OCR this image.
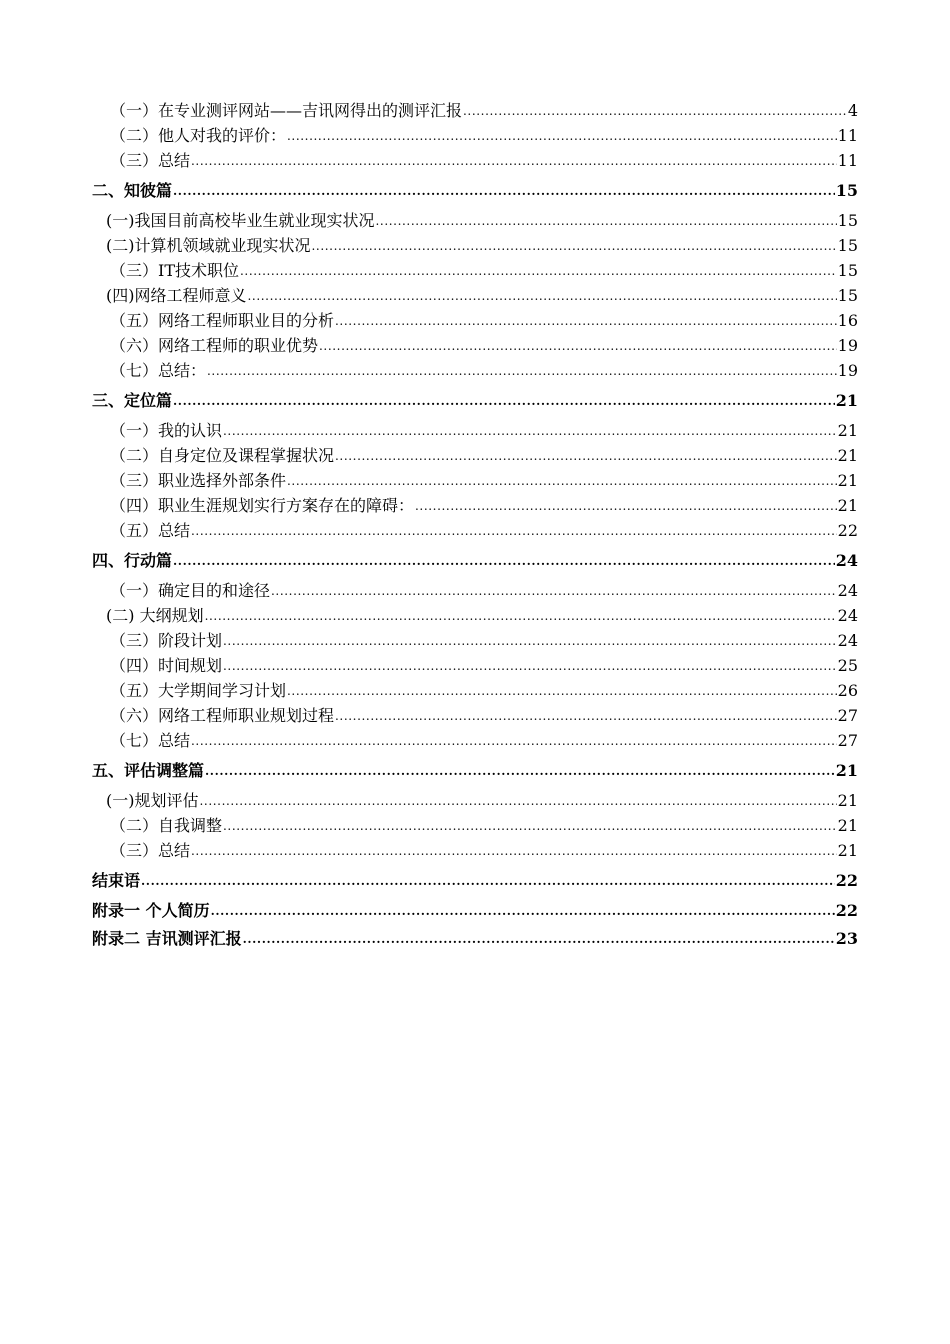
（一）在专业测评网站——吉讯网得出的测评汇报 .....	4
（二）他人对我的评价： .....	11
（三）总结 .....	11
二、知彼篇 .....	15
(一)我国目前高校毕业生就业现实状况 .....	15
(二)计算机领域就业现实状况 .....	15
（三）IT技术职位 .....	15
(四)网络工程师意义 .....	15
（五）网络工程师职业目的分析 .....	16
（六）网络工程师的职业优势 .....	19
（七）总结： .....	19
三、定位篇 .....	21
（一）我的认识 .....	21
（二）自身定位及课程掌握状况 .....	21
（三）职业选择外部条件 .....	21
（四）职业生涯规划实行方案存在的障碍： .....	21
（五）总结 .....	22
四、行动篇 .....	24
（一）确定目的和途径 .....	24
(二) 大纲规划 .....	24
（三）阶段计划 .....	24
（四）时间规划 .....	25
（五）大学期间学习计划 .....	26
（六）网络工程师职业规划过程 .....	27
（七）总结 .....	27
五、评估调整篇 .....	21
(一)规划评估 .....	21
（二）自我调整 .....	21
（三）总结 .....	21
结束语 .....	22
附录一 个人简历 .....	22
附录二 吉讯测评汇报 .....	23
